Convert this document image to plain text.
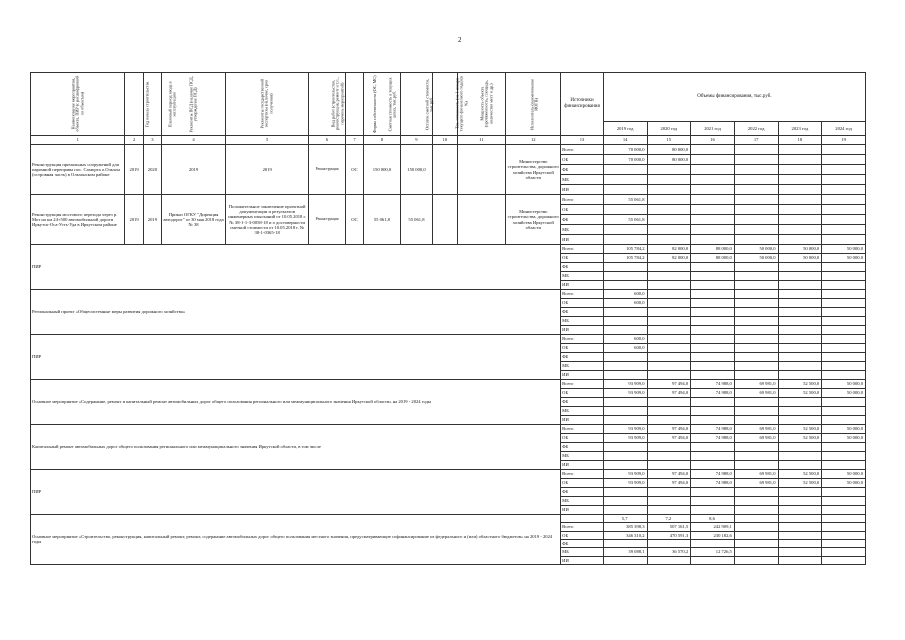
2
Наименование мероприятия, объекта, ПИР (с расшифровкой по объектам)	Год начала строительства	Плановый период ввода в эксплуатацию	Реквизиты ПСД (наличие ПСД, утверждение ПСД)	Реквизиты государственной экспертизы (наличие, срок получения)	Вид работ (строительство, реконструкция, ремонт и т.п., перечень мероприятий)	Форма собственности (ОС, МС)	Сметная стоимость в текущих ценах, тыс.руб.	Остаток сметной стоимости, тыс.руб.	Тех. готовность (на 1 января текущего финансового года) (в %)	Мощность объекта (протяженность, площадь, количество мест и др.)	Исполнитель (наименование ИОГВ)	Источники финансирования	Объемы финансирования, тыс.руб.					
													2019 год	2020 год	2021 год	2022 год	2023 год	2024 год
1	2	3	4	5	6	7	8	9	10	11	12	13	14	15	16	17	18	19
Реконструкция причальных сооружений для паромной переправы пос. Сахюрта о.Ольхон (островная часть) в Ольхонском районе	2019	2020	2019	2019	Реконструкция	ОС	150 000,0	150 000,0			Министерство строительства, дорожного хозяйства Иркутской области	Всего	70 000,0	80 000,0				
												ОБ	70 000,0	80 000,0				
												ФБ						
												МБ						
												ИИ						
Реконструкция мостового перехода через р. Мот на км 24+500 автомобильной дороги Иркутск-Оса-Усть-Уда в Иркутском районе	2019	2019	Приказ ОГКУ "Дирекция автодорог" от 30 мая 2018 года № 38	Положительное заключение проектной документации и результатов инженерных изысканий от 10.05.2018 г. № 38-1-1-3-0058-18 и о достоверности сметной стоимости от 10.05.2018 г. № 38-1-0365-18	Реконструкция	ОС	55 061,8	55 061,8			Министерство строительства, дорожного хозяйства Иркутской области	Всего	55 061,8					
												ОБ						
												ФБ	55 061,8					
												МБ						
												ИИ						
ПИР												Всего	105 784,2	82 000,0	88 000,0	50 000,0	50 000,0	50 000,0
												ОБ	105 784,2	82 000,0	88 000,0	50 000,0	50 000,0	50 000,0
												ФБ						
												МБ						
												ИИ						
Региональный проект «Общесистемные меры развития дорожного хозяйства»												Всего	600,0					
												ОБ	600,0					
												ФБ						
												МБ						
												ИИ						
ПИР												Всего	600,0					
												ОБ	600,0					
												ФБ						
												МБ						
												ИИ						
Основное мероприятие «Содержание, ремонт и капитальный ремонт автомобильных дорог общего пользования регионального или межмуниципального значения Иркутской области» на 2019 - 2024 годы												Всего	93 909,0	97 494,0	74 988,0	69 981,0	52 500,0	50 000,0
												ОБ	93 909,0	97 494,0	74 988,0	69 981,0	52 500,0	50 000,0
												ФБ						
												МБ						
												ИИ						
Капитальный ремонт автомобильных дорог общего пользования регионального или межмуниципального значения Иркутской области, в том числе												Всего	93 909,0	97 494,0	74 988,0	69 981,0	52 500,0	50 000,0
												ОБ	93 909,0	97 494,0	74 988,0	69 981,0	52 500,0	50 000,0
												ФБ						
												МБ						
												ИИ						
ПИР												Всего	93 909,0	97 494,0	74 988,0	69 981,0	52 500,0	50 000,0
												ОБ	93 909,0	97 494,0	74 988,0	69 981,0	52 500,0	50 000,0
												ФБ						
												МБ						
												ИИ						
Основное мероприятие «Строительство, реконструкция, капитальный ремонт, ремонт, содержание автомобильных дорог общего пользования местного значения, предусматривающие софинансирование из федерального и (или) областного бюджетов» на 2019 - 2024 годы													5,7	7,2	8,6			
												Всего	385 398,3	507 161,5	242 909,1			
												ОБ	346 310,2	470 591,3	230 182,6			
												ФБ						
												МБ	39 088,1	36 570,2	12 726,5			
												ИИ						
